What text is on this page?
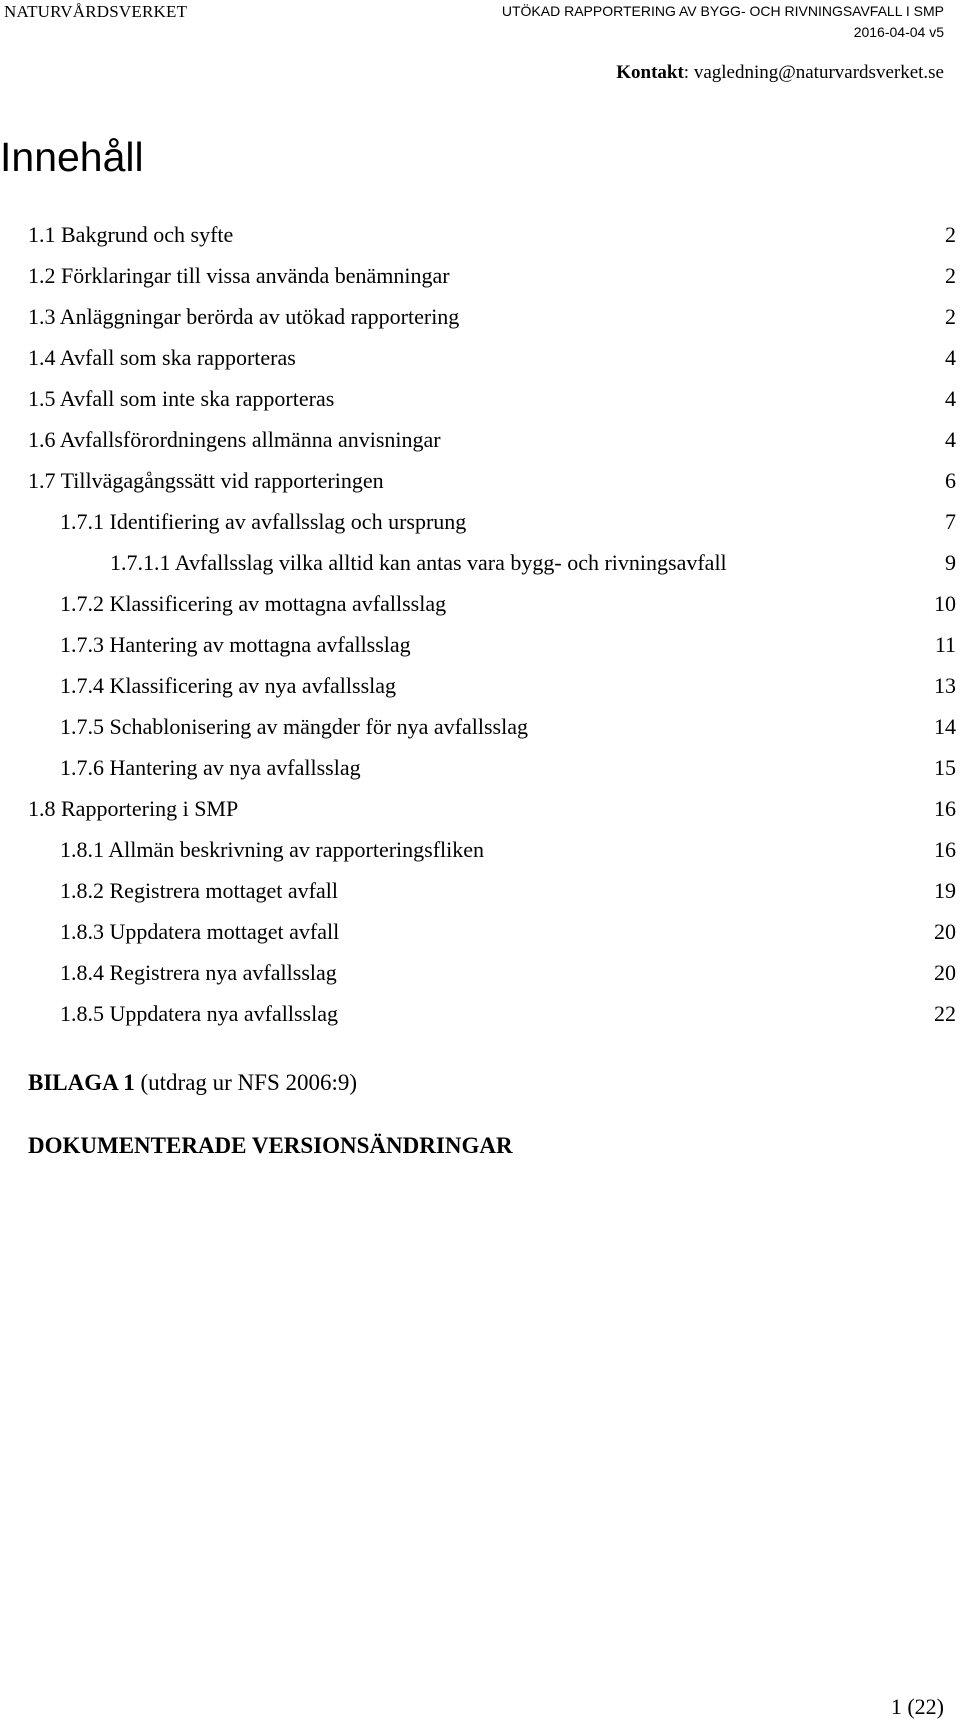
NATURVÅRDSVERKET	UTÖKAD RAPPORTERING AV BYGG- OCH RIVNINGSAVFALL I SMP
2016-04-04 v5
Kontakt: vagledning@naturvardsverket.se
Innehåll
1.1 Bakgrund och syfte	2
1.2 Förklaringar till vissa använda benämningar	2
1.3 Anläggningar berörda av utökad rapportering	2
1.4 Avfall som ska rapporteras	4
1.5 Avfall som inte ska rapporteras	4
1.6 Avfallsförordningens allmänna anvisningar	4
1.7 Tillvägagångssätt vid rapporteringen	6
1.7.1 Identifiering av avfallsslag och ursprung	7
1.7.1.1 Avfallsslag vilka alltid kan antas vara bygg- och rivningsavfall	9
1.7.2 Klassificering av mottagna avfallsslag	10
1.7.3 Hantering av mottagna avfallsslag	11
1.7.4 Klassificering av nya avfallsslag	13
1.7.5 Schablonisering av mängder för nya avfallsslag	14
1.7.6 Hantering av nya avfallsslag	15
1.8 Rapportering i SMP	16
1.8.1 Allmän beskrivning av rapporteringsfliken	16
1.8.2 Registrera mottaget avfall	19
1.8.3 Uppdatera mottaget avfall	20
1.8.4 Registrera nya avfallsslag	20
1.8.5 Uppdatera nya avfallsslag	22
BILAGA 1 (utdrag ur NFS 2006:9)
DOKUMENTERADE VERSIONSÄNDRINGAR
1 (22)
